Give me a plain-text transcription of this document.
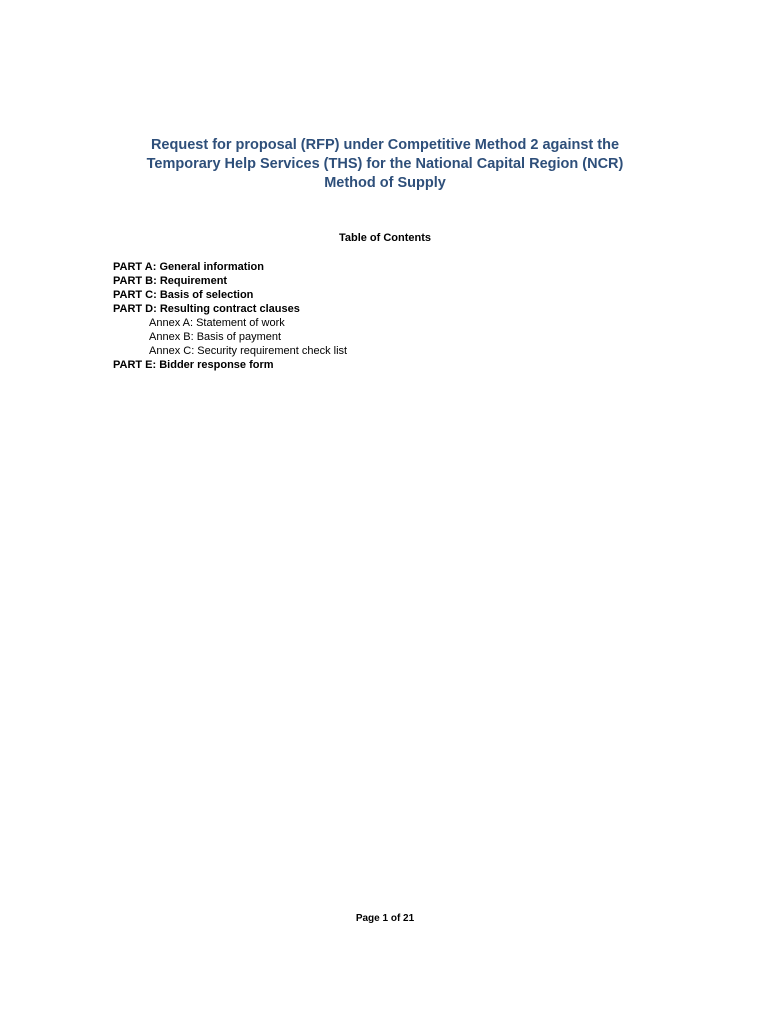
Request for proposal (RFP) under Competitive Method 2 against the
Temporary Help Services (THS) for the National Capital Region (NCR)
Method of Supply
Table of Contents
PART A: General information
PART B: Requirement
PART C: Basis of selection
PART D: Resulting contract clauses
Annex A: Statement of work
Annex B: Basis of payment
Annex C: Security requirement check list
PART E: Bidder response form
Page 1 of 21
